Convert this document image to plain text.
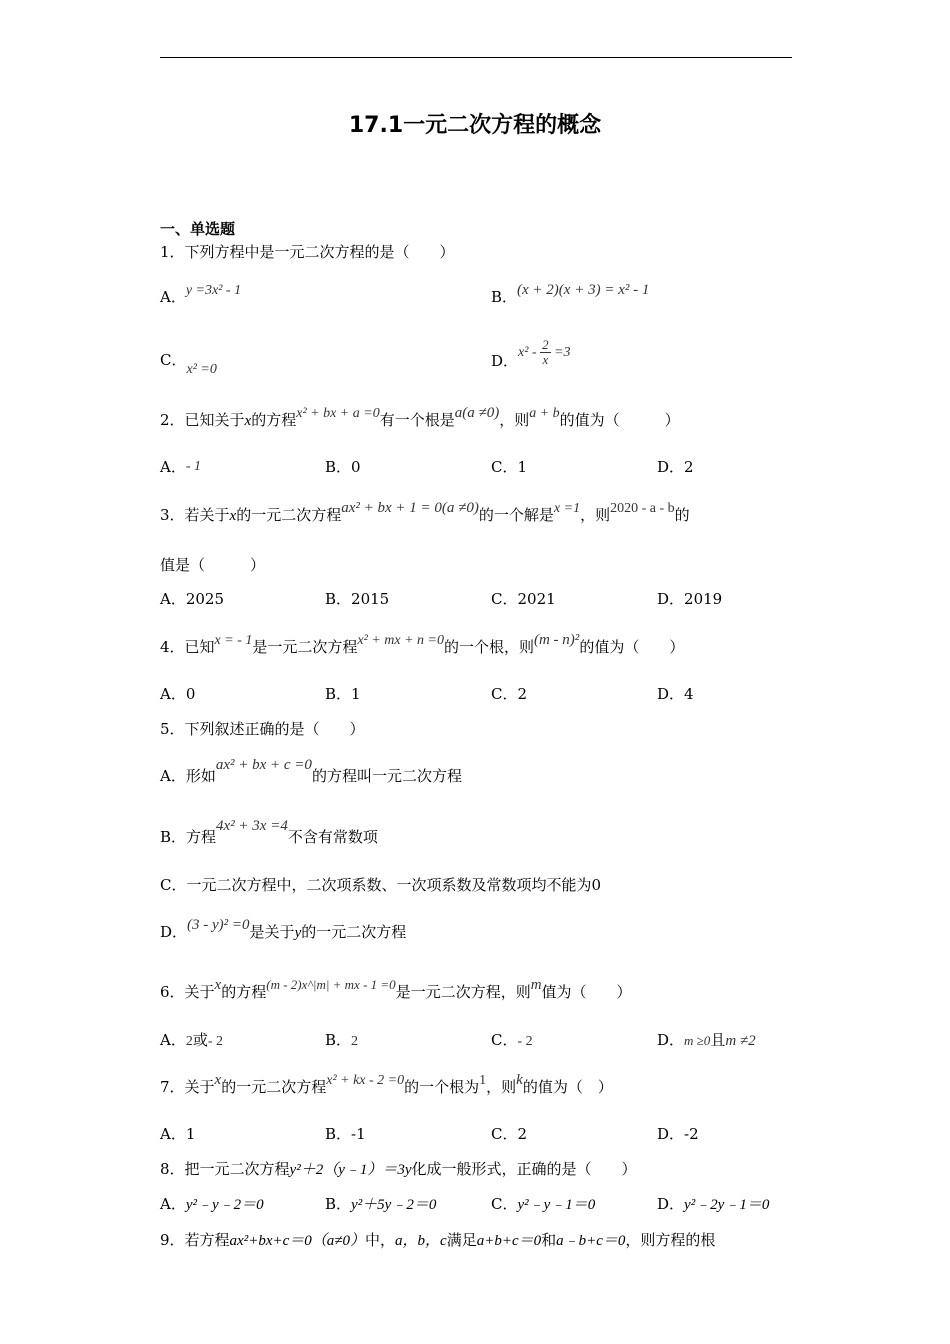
17.1一元二次方程的概念
一、单选题
1．下列方程中是一元二次方程的是（　　）
A．y =3x² - 1	B．(x + 2)(x + 3) = x² - 1
C．x² =0	D．$x^2 - \frac{2}{x} =3$
2．已知关于x的方程x² + bx + a =0有一个根是a(a ≠0)，则a + b的值为（　　　）
A．- 1	B．0	C．1	D．2
3．若关于x的一元二次方程ax² + bx + 1 = 0(a ≠0)的一个解是x =1，则2020 - a - b的
值是（　　　）
A．2025	B．2015	C．2021	D．2019
4．已知x = - 1是一元二次方程x² + mx + n =0的一个根，则(m - n)²的值为（　　）
A．0	B．1	C．2	D．4
5．下列叙述正确的是（　　）
A．形如ax² + bx + c =0的方程叫一元二次方程
B．方程4x² + 3x =4不含有常数项
C．一元二次方程中，二次项系数、一次项系数及常数项均不能为0
D．(3 - y)² =0是关于y的一元二次方程
6．关于x的方程(m - 2)x^|m| + mx - 1 =0是一元二次方程，则m值为（　　）
A．2或- 2	B．2	C．- 2	D．m ≥0且m ≠2
7．关于x的一元二次方程x² + kx - 2 =0的一个根为1，则k的值为（　）
A．1	B．-1	C．2	D．-2
8．把一元二次方程y²＋2（y﹣1）＝3y化成一般形式，正确的是（　　）
A．y²﹣y﹣2＝0	B．y²＋5y﹣2＝0	C．y²﹣y﹣1＝0	D．y²﹣2y﹣1＝0
9．若方程ax²+bx+c＝0（a≠0）中，a，b，c满足a+b+c＝0和a﹣b+c＝0，则方程的根
